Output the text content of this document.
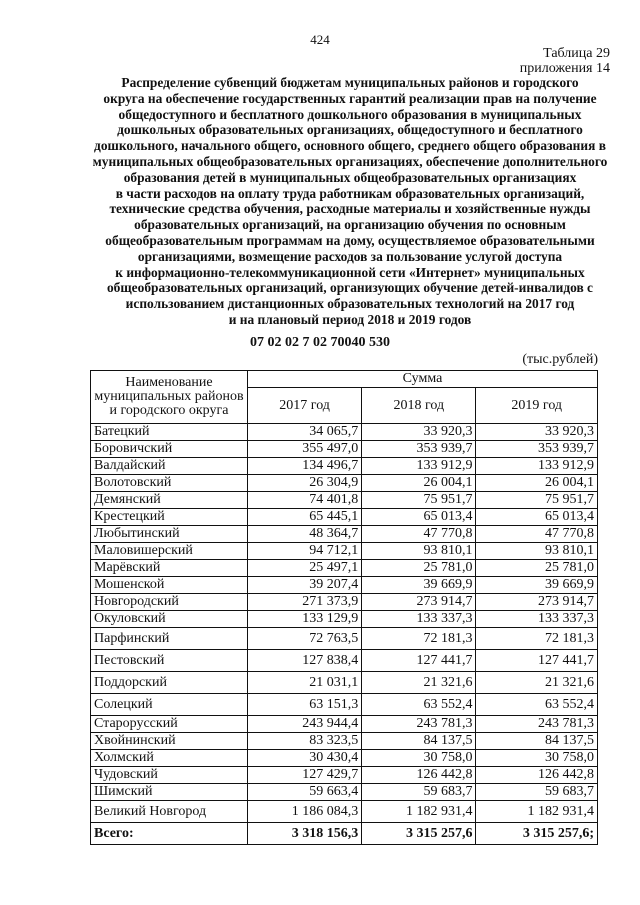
424
Таблица 29
приложения 14
Распределение субвенций бюджетам муниципальных районов и городского
округа на обеспечение государственных гарантий реализации прав на получение
общедоступного и бесплатного дошкольного образования в муниципальных
дошкольных образовательных организациях, общедоступного и бесплатного
дошкольного, начального общего, основного общего, среднего общего образования в
муниципальных общеобразовательных организациях, обеспечение дополнительного
образования детей в муниципальных общеобразовательных организациях
в части расходов на оплату труда работникам образовательных организаций,
технические средства обучения, расходные материалы и хозяйственные нужды
образовательных организаций, на организацию обучения по основным
общеобразовательным программам на дому, осуществляемое образовательными
организациями, возмещение расходов за пользование услугой доступа
к информационно-телекоммуникационной сети «Интернет» муниципальных
общеобразовательных организаций, организующих обучение детей-инвалидов с
использованием дистанционных образовательных технологий на 2017 год
и на плановый период 2018 и 2019 годов
07 02 02 7 02 70040 530
(тыс.рублей)
Наименование
муниципальных районов
и городского округа	Сумма		
	2017 год	2018 год	2019 год
Батецкий	34 065,7	33 920,3	33 920,3
Боровичский	355 497,0	353 939,7	353 939,7
Валдайский	134 496,7	133 912,9	133 912,9
Волотовский	26 304,9	26 004,1	26 004,1
Демянский	74 401,8	75 951,7	75 951,7
Крестецкий	65 445,1	65 013,4	65 013,4
Любытинский	48 364,7	47 770,8	47 770,8
Маловишерский	94 712,1	93 810,1	93 810,1
Марёвский	25 497,1	25 781,0	25 781,0
Мошенской	39 207,4	39 669,9	39 669,9
Новгородский	271 373,9	273 914,7	273 914,7
Окуловский	133 129,9	133 337,3	133 337,3
Парфинский	72 763,5	72 181,3	72 181,3
Пестовский	127 838,4	127 441,7	127 441,7
Поддорский	21 031,1	21 321,6	21 321,6
Солецкий	63 151,3	63 552,4	63 552,4
Старорусский	243 944,4	243 781,3	243 781,3
Хвойнинский	83 323,5	84 137,5	84 137,5
Холмский	30 430,4	30 758,0	30 758,0
Чудовский	127 429,7	126 442,8	126 442,8
Шимский	59 663,4	59 683,7	59 683,7
Великий Новгород	1 186 084,3	1 182 931,4	1 182 931,4
Всего:	3 318 156,3	3 315 257,6	3 315 257,6;
